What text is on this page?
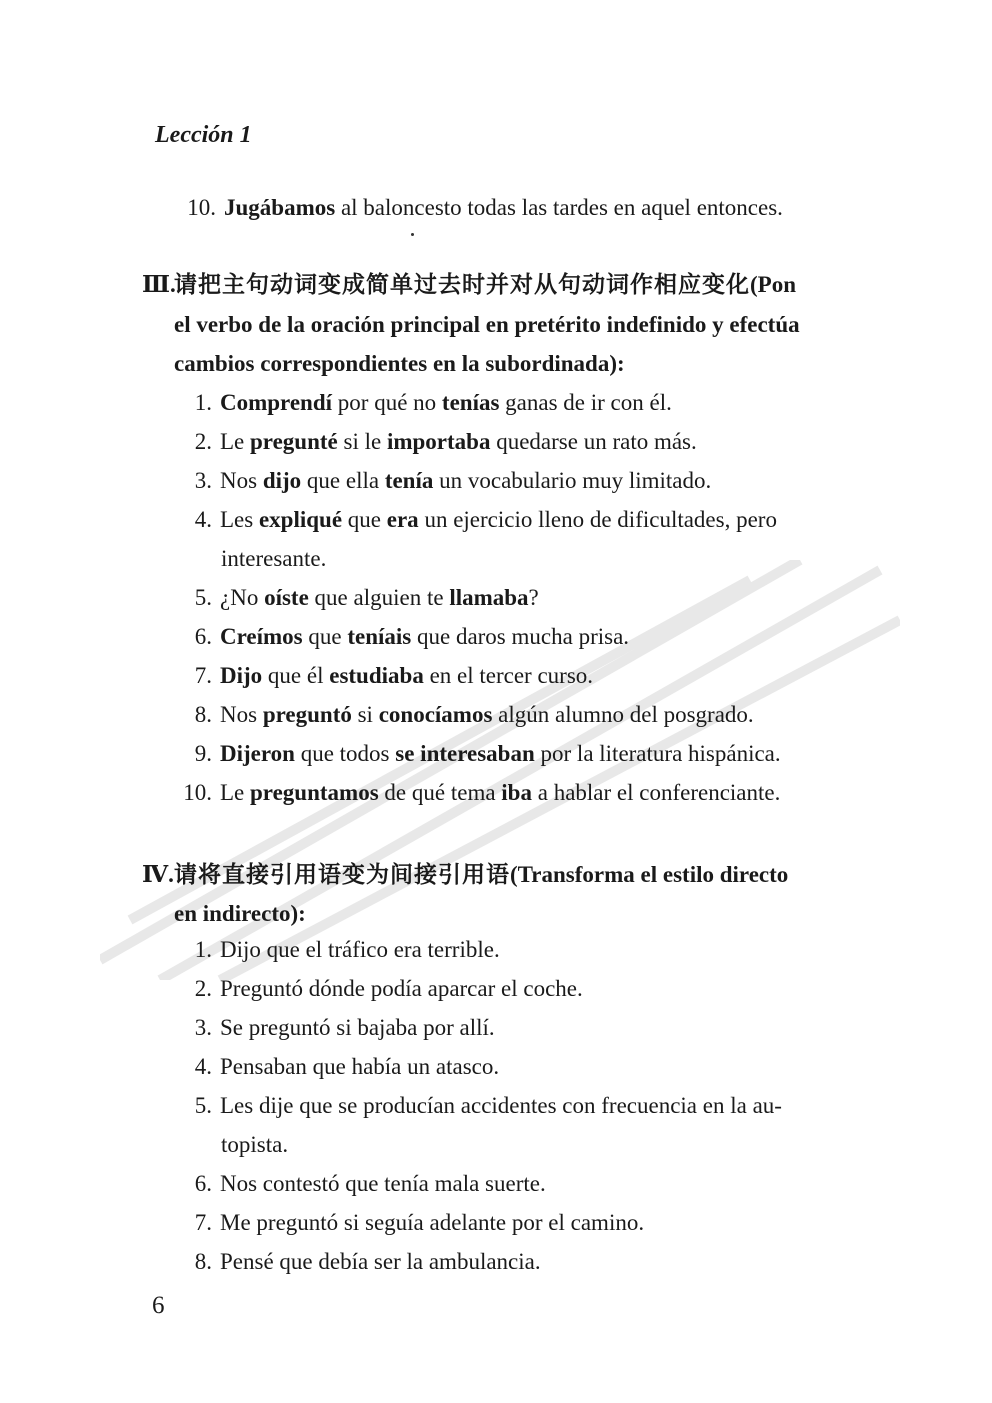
Lección 1
10. Jugábamos al baloncesto todas las tardes en aquel entonces.
Ⅲ.请把主句动词变成简单过去时并对从句动词作相应变化(Pon
el verbo de la oración principal en pretérito indefinido y efectúa
cambios correspondientes en la subordinada):
1. Comprendí por qué no tenías ganas de ir con él.
2. Le pregunté si le importaba quedarse un rato más.
3. Nos dijo que ella tenía un vocabulario muy limitado.
4. Les expliqué que era un ejercicio lleno de dificultades, pero
interesante.
5. ¿No oíste que alguien te llamaba?
6. Creímos que teníais que daros mucha prisa.
7. Dijo que él estudiaba en el tercer curso.
8. Nos preguntó si conocíamos algún alumno del posgrado.
9. Dijeron que todos se interesaban por la literatura hispánica.
10. Le preguntamos de qué tema iba a hablar el conferenciante.
Ⅳ.请将直接引用语变为间接引用语(Transforma el estilo directo
en indirecto):
1. Dijo que el tráfico era terrible.
2. Preguntó dónde podía aparcar el coche.
3. Se preguntó si bajaba por allí.
4. Pensaban que había un atasco.
5. Les dije que se producían accidentes con frecuencia en la au-
topista.
6. Nos contestó que tenía mala suerte.
7. Me preguntó si seguía adelante por el camino.
8. Pensé que debía ser la ambulancia.
6
